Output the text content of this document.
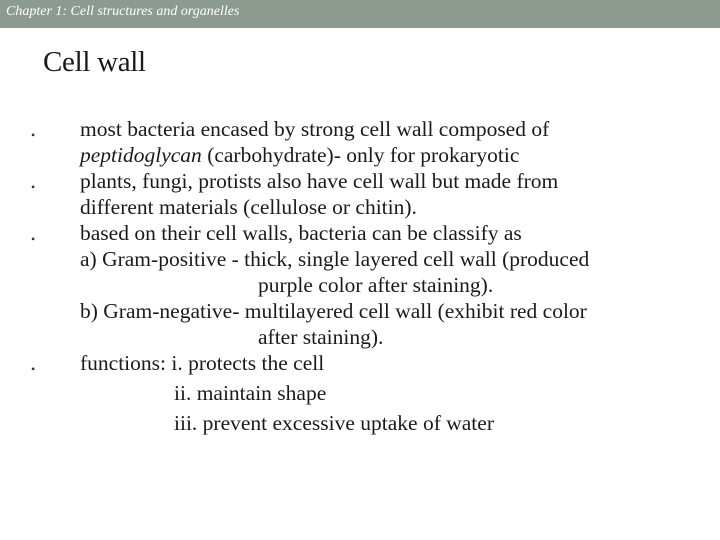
Chapter 1: Cell structures and organelles
Cell wall
•
•
•
•
most bacteria encased by strong cell wall composed of
peptidoglycan (carbohydrate)- only for prokaryotic
plants, fungi, protists also have cell wall but made from
different materials (cellulose or chitin).
based on their cell walls, bacteria can be classify as
a) Gram-positive - thick, single layered cell wall (produced
purple color after staining).
b) Gram-negative- multilayered cell wall (exhibit red color
after staining).
functions: i. protects the cell
ii. maintain shape
iii. prevent excessive uptake of water
